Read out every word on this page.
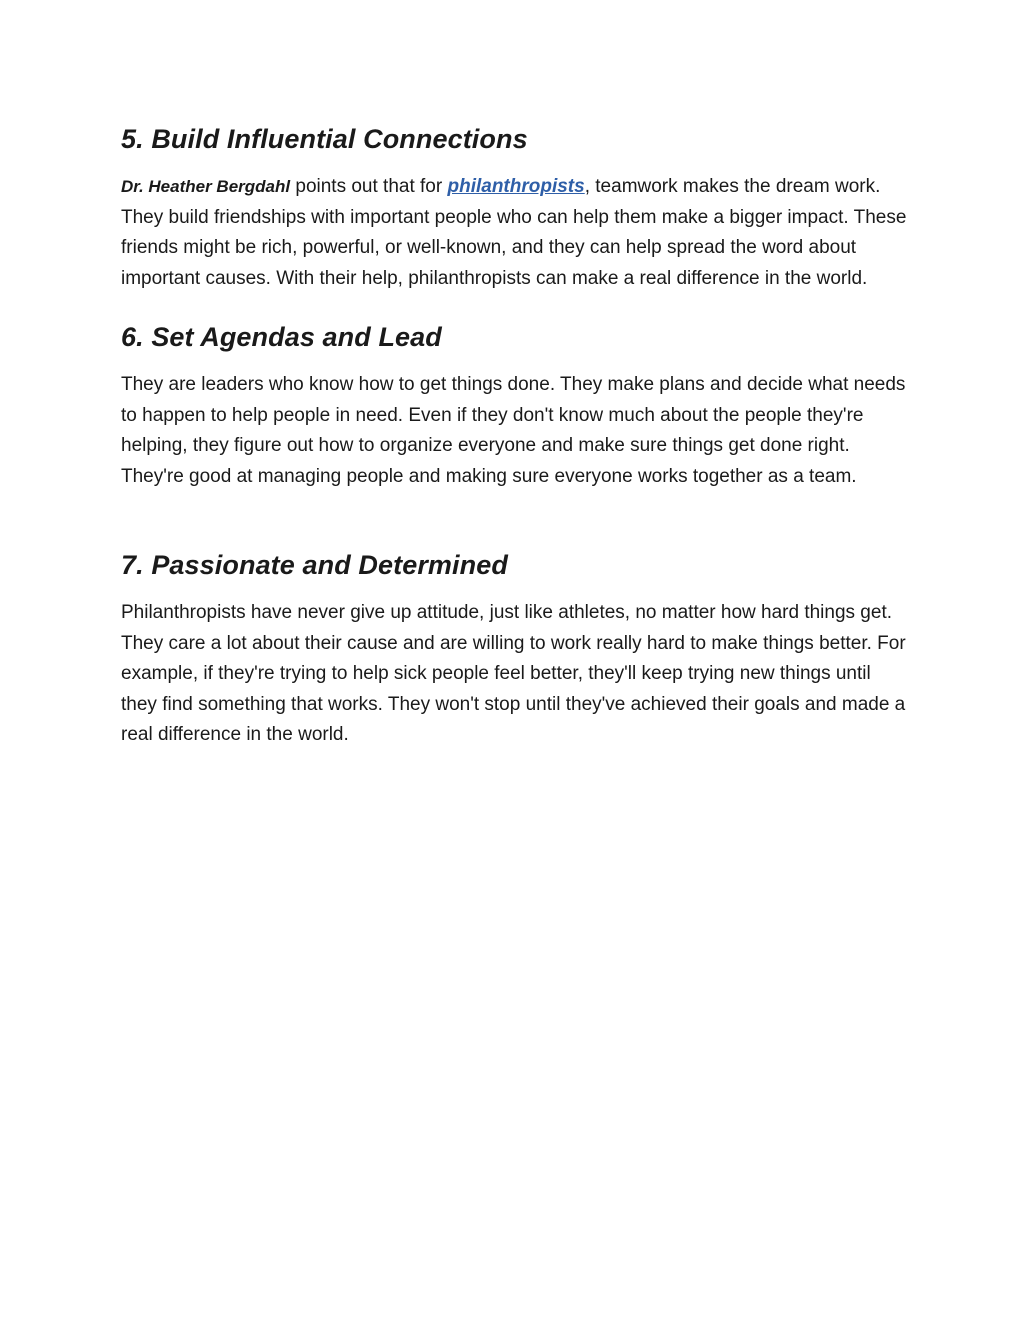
5. Build Influential Connections

Dr. Heather Bergdahl points out that for philanthropists, teamwork makes the dream work. They build friendships with important people who can help them make a bigger impact. These friends might be rich, powerful, or well-known, and they can help spread the word about important causes. With their help, philanthropists can make a real difference in the world.

6. Set Agendas and Lead

They are leaders who know how to get things done. They make plans and decide what needs to happen to help people in need. Even if they don't know much about the people they're helping, they figure out how to organize everyone and make sure things get done right. They're good at managing people and making sure everyone works together as a team.

7. Passionate and Determined

Philanthropists have never give up attitude, just like athletes, no matter how hard things get. They care a lot about their cause and are willing to work really hard to make things better. For example, if they're trying to help sick people feel better, they'll keep trying new things until they find something that works. They won't stop until they've achieved their goals and made a real difference in the world.
